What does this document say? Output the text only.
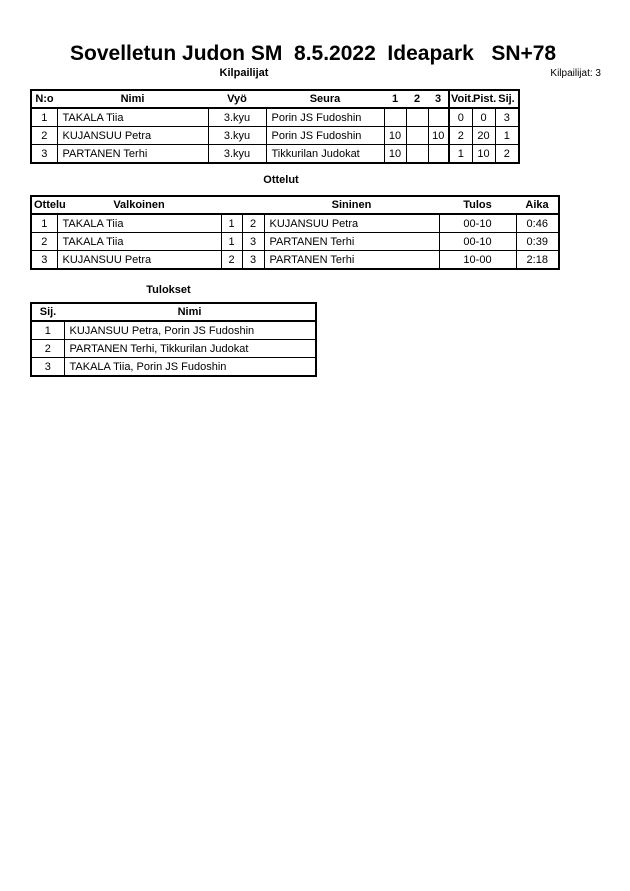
Sovelletun Judon SM  8.5.2022  Ideapark   SN+78
Kilpailijat	Kilpailijat: 3
N:o	Nimi	Vyö	Seura	1	2	3	Voit.	Pist.	Sij.
1	TAKALA Tiia	3.kyu	Porin JS Fudoshin				0	0	3
2	KUJANSUU Petra	3.kyu	Porin JS Fudoshin	10		10	2	20	1
3	PARTANEN Terhi	3.kyu	Tikkurilan Judokat	10			1	10	2
Ottelut
Ottelu	Valkoinen			Sininen	Tulos	Aika
1	TAKALA Tiia	1	2	KUJANSUU Petra	00-10	0:46
2	TAKALA Tiia	1	3	PARTANEN Terhi	00-10	0:39
3	KUJANSUU Petra	2	3	PARTANEN Terhi	10-00	2:18
Tulokset
Sij.	Nimi
1	KUJANSUU Petra, Porin JS Fudoshin
2	PARTANEN Terhi, Tikkurilan Judokat
3	TAKALA Tiia, Porin JS Fudoshin
